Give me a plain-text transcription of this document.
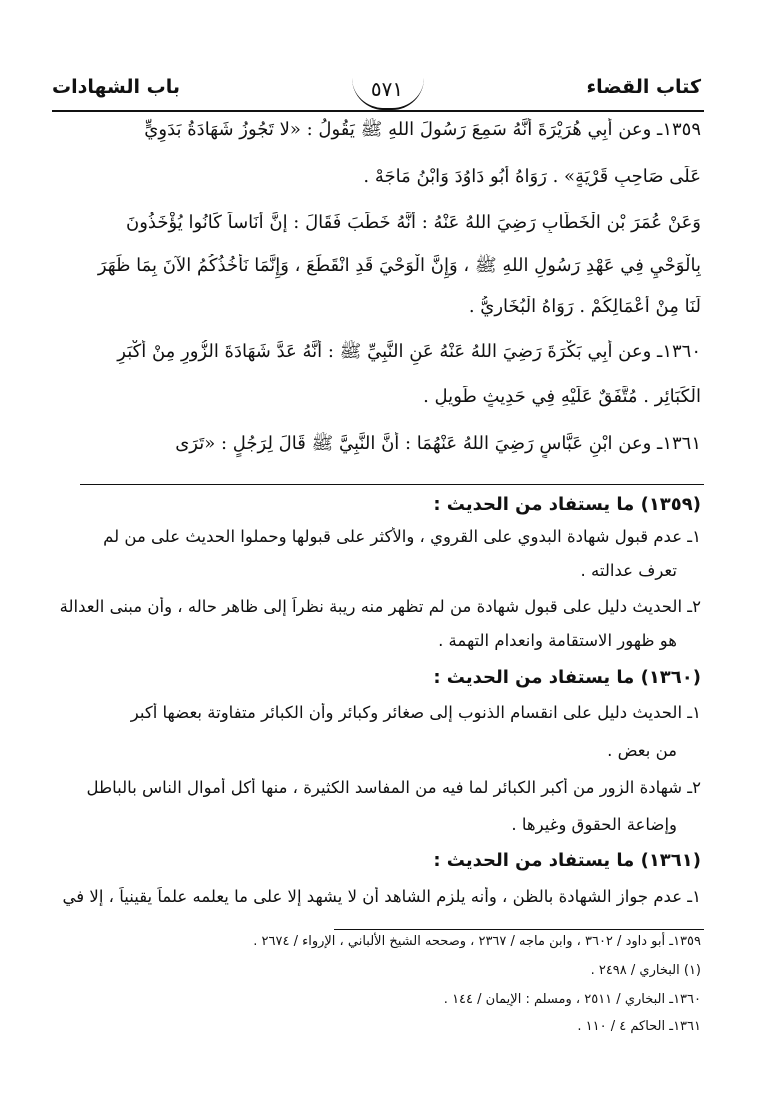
كتاب القضاء
٥٧١
باب الشهادات
١٣٥٩ـ وعن أَبِي هُرَيْرَةَ أَنَّهُ سَمِعَ رَسُولَ اللهِ ﷺ يَقُولُ : «لا تَجُوزُ شَهَادَةُ بَدَوِيٍّ
عَلَى صَاحِبِ قَرْيَةٍ» . رَوَاهُ أَبُو دَاوُدَ وَابْنُ مَاجَهْ .
وَعَنْ عُمَرَ بْنِ الْخَطَّابِ رَضِيَ اللهُ عَنْهُ : أَنَّهُ خَطَبَ فَقَالَ : إِنَّ أُنَاساً كَانُوا يُؤْخَذُونَ
بِالْوَحْيِ فِي عَهْدِ رَسُولِ اللهِ ﷺ ، وَإِنَّ الْوَحْيَ قَدِ انْقَطَعَ ، وَإِنَّمَا نَأْخُذُكُمُ الآنَ بِمَا ظَهَرَ
لَنَا مِنْ أَعْمَالِكُمْ . رَوَاهُ الْبُخَارِيُّ .
١٣٦٠ـ وعن أَبِي بَكْرَةَ رَضِيَ اللهُ عَنْهُ عَنِ النَّبِيِّ ﷺ : أَنَّهُ عَدَّ شَهَادَةَ الزُّورِ مِنْ أَكْبَرِ
الْكَبَائِرِ . مُتَّفَقٌ عَلَيْهِ فِي حَدِيثٍ طَوِيلٍ .
١٣٦١ـ وعن ابْنِ عَبَّاسٍ رَضِيَ اللهُ عَنْهُمَا : أَنَّ النَّبِيَّ ﷺ قَالَ لِرَجُلٍ : «تَرَى
(١٣٥٩) ما يستفاد من الحديث :
١ـ عدم قبول شهادة البدوي على القروي ، والأكثر على قبولها وحملوا الحديث على من لم
تعرف عدالته .
٢ـ الحديث دليل على قبول شهادة من لم تظهر منه ريبة نظراً إلى ظاهر حاله ، وأن مبنى العدالة
هو ظهور الاستقامة وانعدام التهمة .
(١٣٦٠) ما يستفاد من الحديث :
١ـ الحديث دليل على انقسام الذنوب إلى صغائر وكبائر وأن الكبائر متفاوتة بعضها أكبر
من بعض .
٢ـ شهادة الزور من أكبر الكبائر لما فيه من المفاسد الكثيرة ، منها أكل أموال الناس بالباطل
وإضاعة الحقوق وغيرها .
(١٣٦١) ما يستفاد من الحديث :
١ـ عدم جواز الشهادة بالظن ، وأنه يلزم الشاهد أن لا يشهد إلا على ما يعلمه علماً يقينياً ، إلا في
١٣٥٩ـ أبو داود / ٣٦٠٢ ، وابن ماجه / ٢٣٦٧ ، وصححه الشيخ الألباني ، الإرواء / ٢٦٧٤ .
(١) البخاري / ٢٤٩٨ .
١٣٦٠ـ البخاري / ٢٥١١ ، ومسلم : الإيمان / ١٤٤ .
١٣٦١ـ الحاكم ٤ / ١١٠ .
